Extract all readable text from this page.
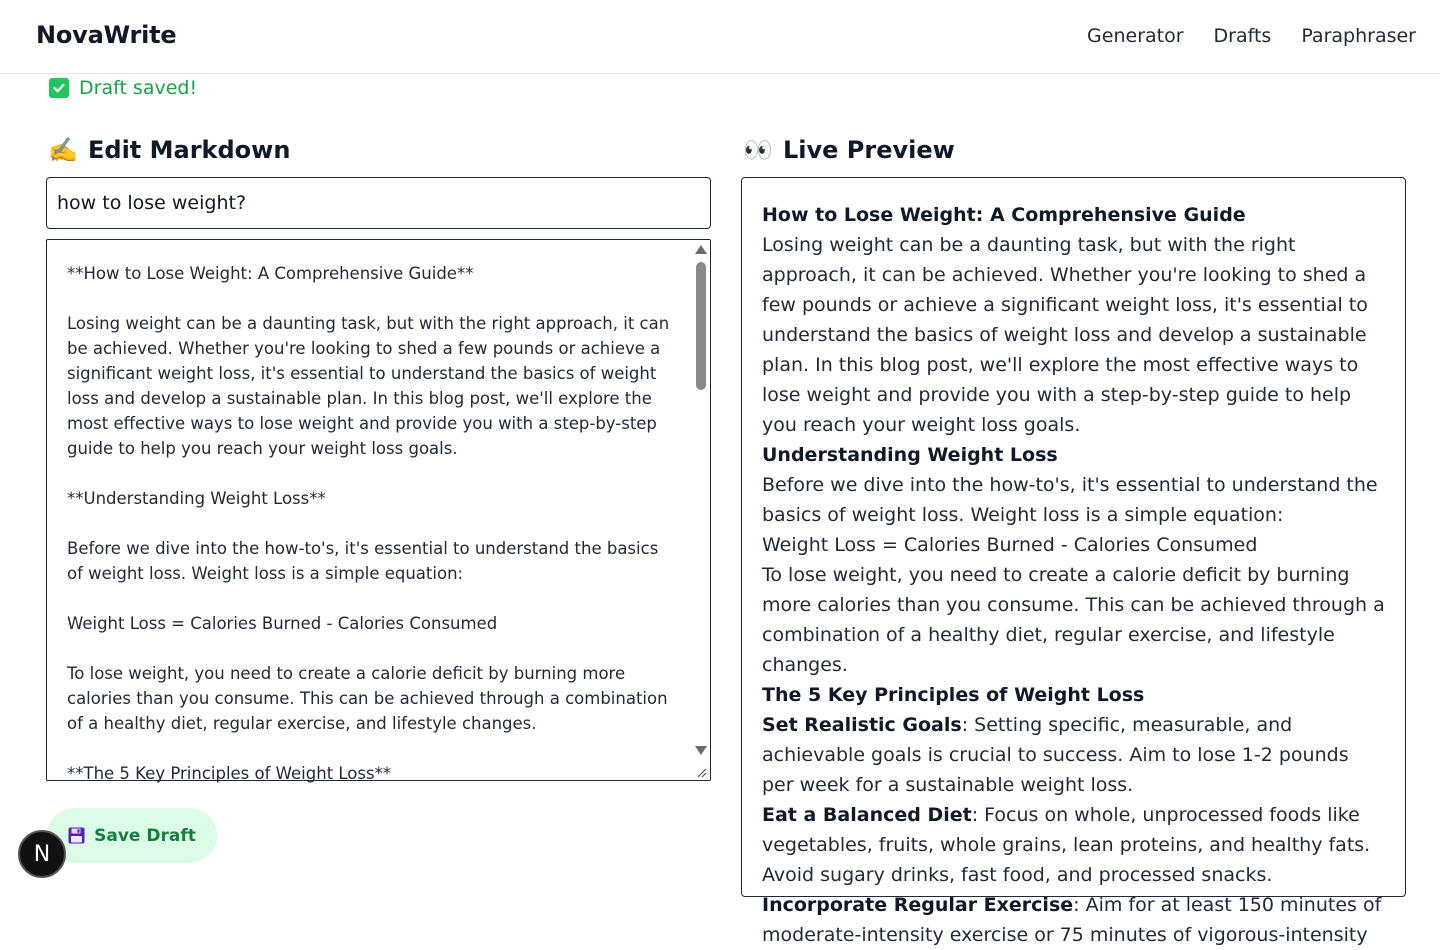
NovaWrite	Generator Drafts Paraphraser
Draft saved!
✍️ Edit Markdown	👀 Live Preview
how to lose weight?
**How to Lose Weight: A Comprehensive Guide**

Losing weight can be a daunting task, but with the right approach, it can be achieved. Whether you're looking to shed a few pounds or achieve a significant weight loss, it's essential to understand the basics of weight loss and develop a sustainable plan. In this blog post, we'll explore the most effective ways to lose weight and provide you with a step-by-step guide to help you reach your weight loss goals.

**Understanding Weight Loss**

Before we dive into the how-to's, it's essential to understand the basics of weight loss. Weight loss is a simple equation:

Weight Loss = Calories Burned - Calories Consumed

To lose weight, you need to create a calorie deficit by burning more calories than you consume. This can be achieved through a combination of a healthy diet, regular exercise, and lifestyle changes.

**The 5 Key Principles of Weight Loss**
Save Draft
N

How to Lose Weight: A Comprehensive Guide

Losing weight can be a daunting task, but with the right approach, it can be achieved. Whether you're looking to shed a few pounds or achieve a significant weight loss, it's essential to understand the basics of weight loss and develop a sustainable plan. In this blog post, we'll explore the most effective ways to lose weight and provide you with a step-by-step guide to help you reach your weight loss goals.

Understanding Weight Loss

Before we dive into the how-to's, it's essential to understand the basics of weight loss. Weight loss is a simple equation:

Weight Loss = Calories Burned - Calories Consumed

To lose weight, you need to create a calorie deficit by burning more calories than you consume. This can be achieved through a combination of a healthy diet, regular exercise, and lifestyle changes.

The 5 Key Principles of Weight Loss

Set Realistic Goals: Setting specific, measurable, and achievable goals is crucial to success. Aim to lose 1-2 pounds per week for a sustainable weight loss.

Eat a Balanced Diet: Focus on whole, unprocessed foods like vegetables, fruits, whole grains, lean proteins, and healthy fats. Avoid sugary drinks, fast food, and processed snacks.

Incorporate Regular Exercise: Aim for at least 150 minutes of moderate-intensity exercise or 75 minutes of vigorous-intensity
